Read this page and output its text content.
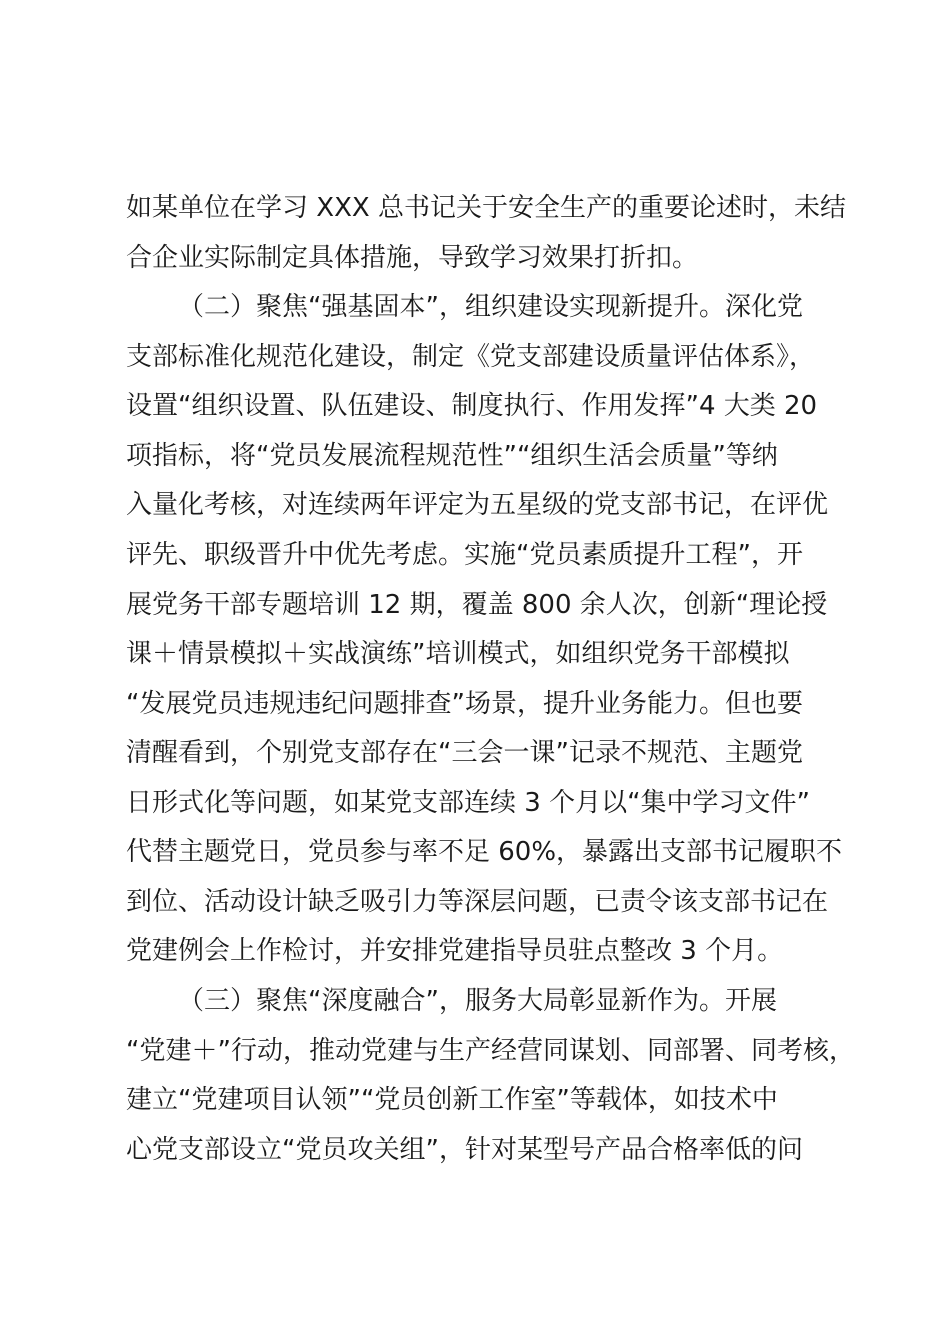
如某单位在学习 XXX 总书记关于安全生产的重要论述时，未结
合企业实际制定具体措施，导致学习效果打折扣。
（二）聚焦“强基固本”，组织建设实现新提升。深化党
支部标准化规范化建设，制定《党支部建设质量评估体系》，
设置“组织设置、队伍建设、制度执行、作用发挥”4 大类 20
项指标，将“党员发展流程规范性”“组织生活会质量”等纳
入量化考核，对连续两年评定为五星级的党支部书记，在评优
评先、职级晋升中优先考虑。实施“党员素质提升工程”，开
展党务干部专题培训 12 期，覆盖 800 余人次，创新“理论授
课＋情景模拟＋实战演练”培训模式，如组织党务干部模拟
“发展党员违规违纪问题排查”场景，提升业务能力。但也要
清醒看到，个别党支部存在“三会一课”记录不规范、主题党
日形式化等问题，如某党支部连续 3 个月以“集中学习文件”
代替主题党日，党员参与率不足 60%，暴露出支部书记履职不
到位、活动设计缺乏吸引力等深层问题，已责令该支部书记在
党建例会上作检讨，并安排党建指导员驻点整改 3 个月。
（三）聚焦“深度融合”，服务大局彰显新作为。开展
“党建＋”行动，推动党建与生产经营同谋划、同部署、同考核，
建立“党建项目认领”“党员创新工作室”等载体，如技术中
心党支部设立“党员攻关组”，针对某型号产品合格率低的问
